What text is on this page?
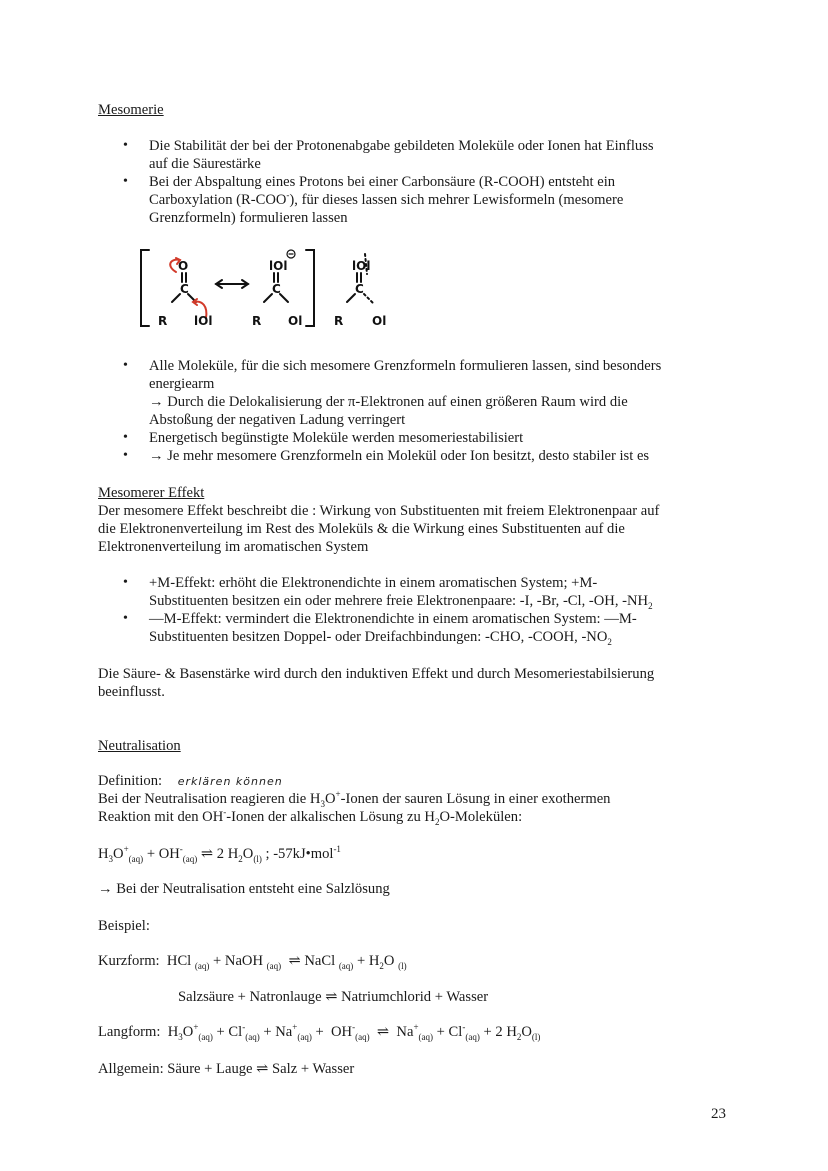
Mesomerie
• Die Stabilität der bei der Protonenabgabe gebildeten Moleküle oder Ionen hat Einfluss
auf die Säurestärke
• Bei der Abspaltung eines Protons bei einer Carbonsäure (R-COOH) entsteht ein
Carboxylation (R-COO-), für dieses lassen sich mehrer Lewisformeln (mesomere
Grenzformeln) formulieren lassen
O
C
R lOl
lOl
C
R Ol
lOl
C
R Ol
• Alle Moleküle, für die sich mesomere Grenzformeln formulieren lassen, sind besonders
energiearm
→ Durch die Delokalisierung der π-Elektronen auf einen größeren Raum wird die
Abstoßung der negativen Ladung verringert
• Energetisch begünstigte Moleküle werden mesomeriestabilisiert
• → Je mehr mesomere Grenzformeln ein Molekül oder Ion besitzt, desto stabiler ist es
Mesomerer Effekt
Der mesomere Effekt beschreibt die : Wirkung von Substituenten mit freiem Elektronenpaar auf
die Elektronenverteilung im Rest des Moleküls & die Wirkung eines Substituenten auf die
Elektronenverteilung im aromatischen System
• +M-Effekt: erhöht die Elektronendichte in einem aromatischen System; +M-
Substituenten besitzen ein oder mehrere freie Elektronenpaare: -I, -Br, -Cl, -OH, $-NH_2$
• —M-Effekt: vermindert die Elektronendichte in einem aromatischen System: —M-
Substituenten besitzen Doppel- oder Dreifachbindungen: -CHO, -COOH, $-NO_2$
Die Säure- & Basenstärke wird durch den induktiven Effekt und durch Mesomeriestabilsierung
beeinflusst.
Neutralisation
Definition: erklären können
Bei der Neutralisation reagieren die $H_3O^+$-Ionen der sauren Lösung in einer exothermen
Reaktion mit den OH--Ionen der alkalischen Lösung zu $H_2O$-Molekülen:
$H_3O^+_{(aq)} + OH^-_{(aq)}$ ⇌ 2 $H_2O_{(l)}$ ; -57kJ•mol$^{-1}$
→ Bei der Neutralisation entsteht eine Salzlösung
Beispiel:
Kurzform:  HCl $_{(aq)}$ + NaOH $_{(aq)}$  ⇌ NaCl $_{(aq)} + H_2O$ $_{(l)}$
Salzsäure + Natronlauge ⇌ Natriumchlorid + Wasser
Langform:  $H_3O^+_{(aq)} + Cl^-_{(aq)} + Na^+_{(aq)} + OH^-_{(aq)}$  ⇌  $Na^+_{(aq)} + Cl^-_{(aq)} + 2$ $H_2O_{(l)}$
Allgemein: Säure + Lauge ⇌ Salz + Wasser
23
